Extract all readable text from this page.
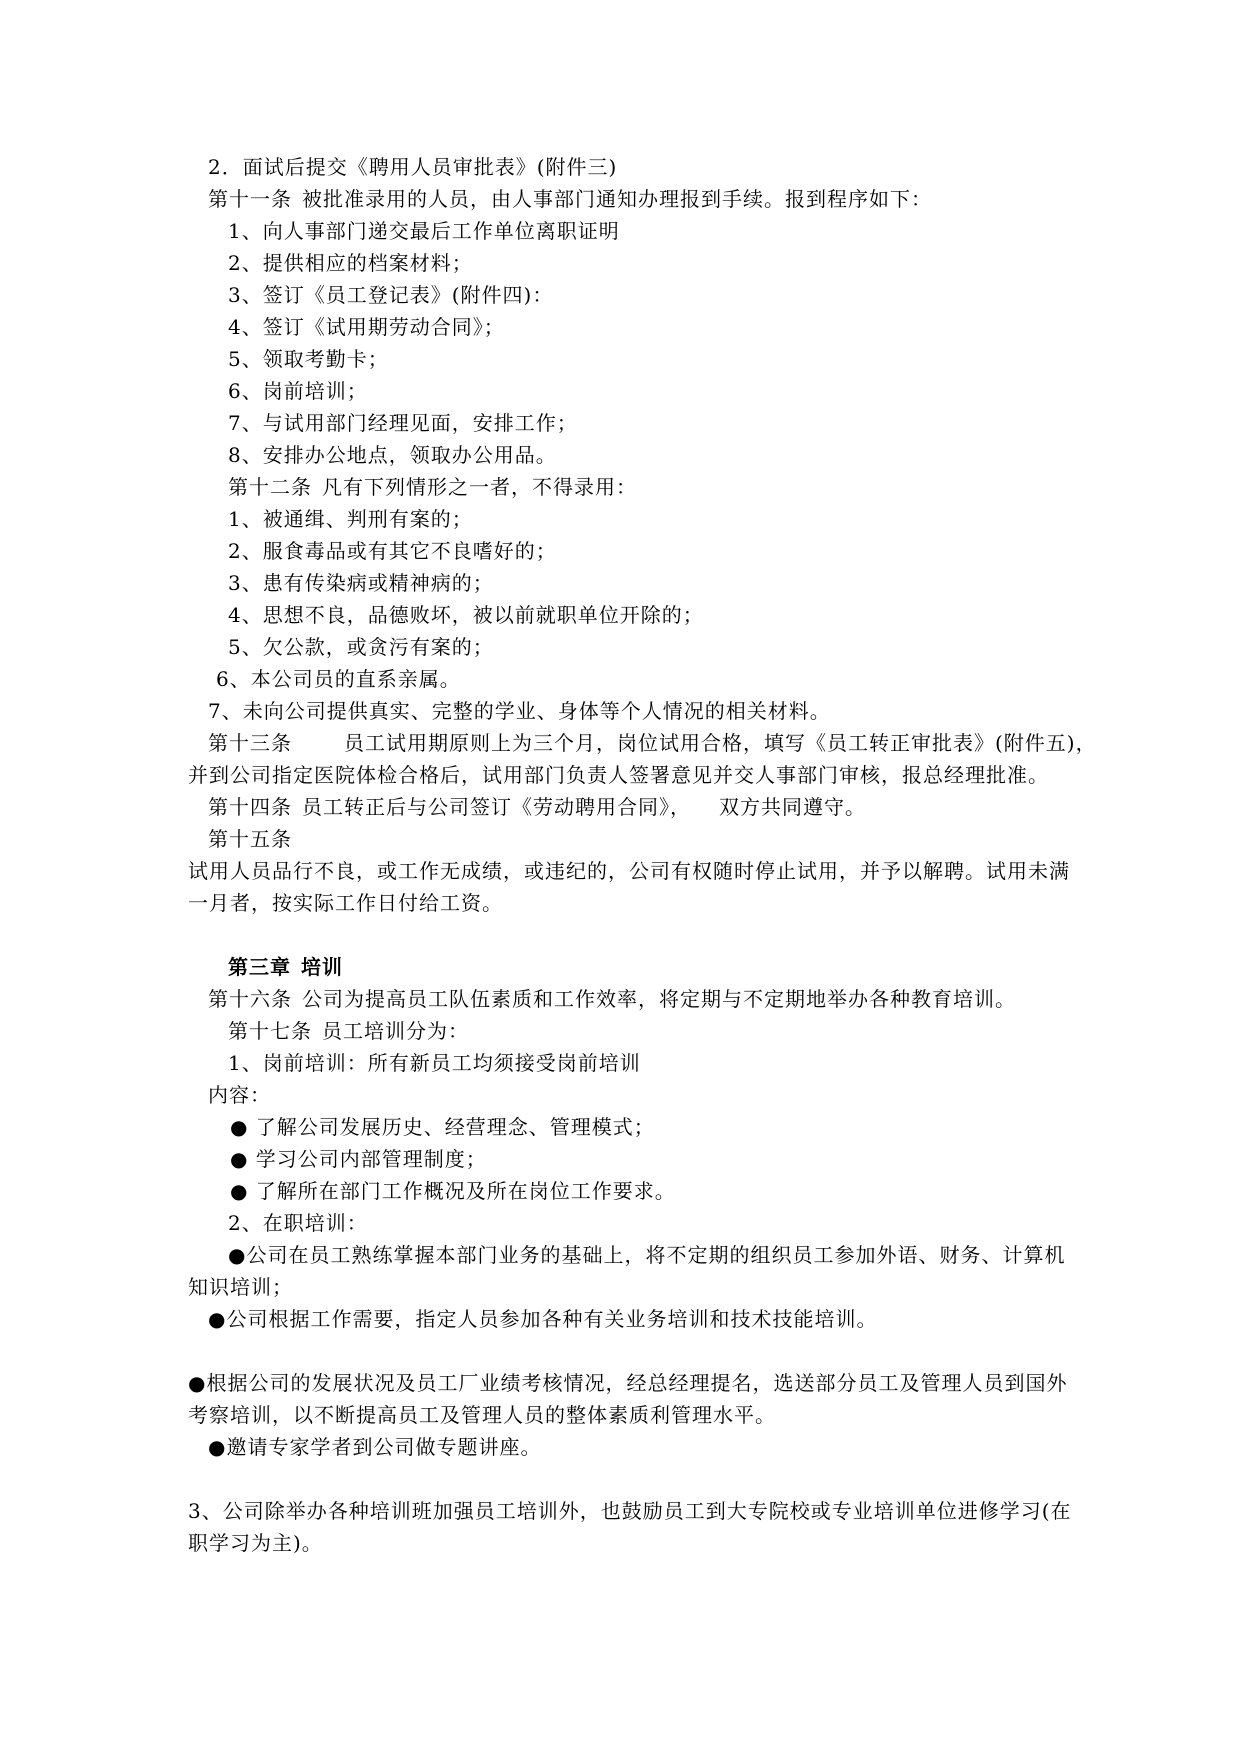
2．面试后提交《聘用人员审批表》(附件三)
第十一条 被批准录用的人员，由人事部门通知办理报到手续。报到程序如下：
1、向人事部门递交最后工作单位离职证明
2、提供相应的档案材料；
3、签订《员工登记表》(附件四)：
4、签订《试用期劳动合同》；
5、领取考勤卡；
6、岗前培训；
7、与试用部门经理见面，安排工作；
8、安排办公地点，领取办公用品。
第十二条 凡有下列情形之一者，不得录用：
1、被通缉、判刑有案的；
2、服食毒品或有其它不良嗜好的；
3、患有传染病或精神病的；
4、思想不良，品德败坏，被以前就职单位开除的；
5、欠公款，或贪污有案的；
6、本公司员的直系亲属。
7、未向公司提供真实、完整的学业、身体等个人情况的相关材料。
第十三条	员工试用期原则上为三个月，岗位试用合格，填写《员工转正审批表》(附件五)，
并到公司指定医院体检合格后，试用部门负责人签署意见并交人事部门审核，报总经理批准。
第十四条 员工转正后与公司签订《劳动聘用合同》， 双方共同遵守。
第十五条
试用人员品行不良，或工作无成绩，或违纪的，公司有权随时停止试用，并予以解聘。试用未满
一月者，按实际工作日付给工资。
第三章 培训
第十六条 公司为提高员工队伍素质和工作效率，将定期与不定期地举办各种教育培训。
第十七条 员工培训分为：
1、岗前培训：所有新员工均须接受岗前培训
内容：
● 了解公司发展历史、经营理念、管理模式；
● 学习公司内部管理制度；
● 了解所在部门工作概况及所在岗位工作要求。
2、在职培训：
●公司在员工熟练掌握本部门业务的基础上，将不定期的组织员工参加外语、财务、计算机
知识培训；
●公司根据工作需要，指定人员参加各种有关业务培训和技术技能培训。
●根据公司的发展状况及员工厂业绩考核情况，经总经理提名，选送部分员工及管理人员到国外
考察培训，以不断提高员工及管理人员的整体素质利管理水平。
●邀请专家学者到公司做专题讲座。
3、公司除举办各种培训班加强员工培训外，也鼓励员工到大专院校或专业培训单位进修学习(在
职学习为主)。
